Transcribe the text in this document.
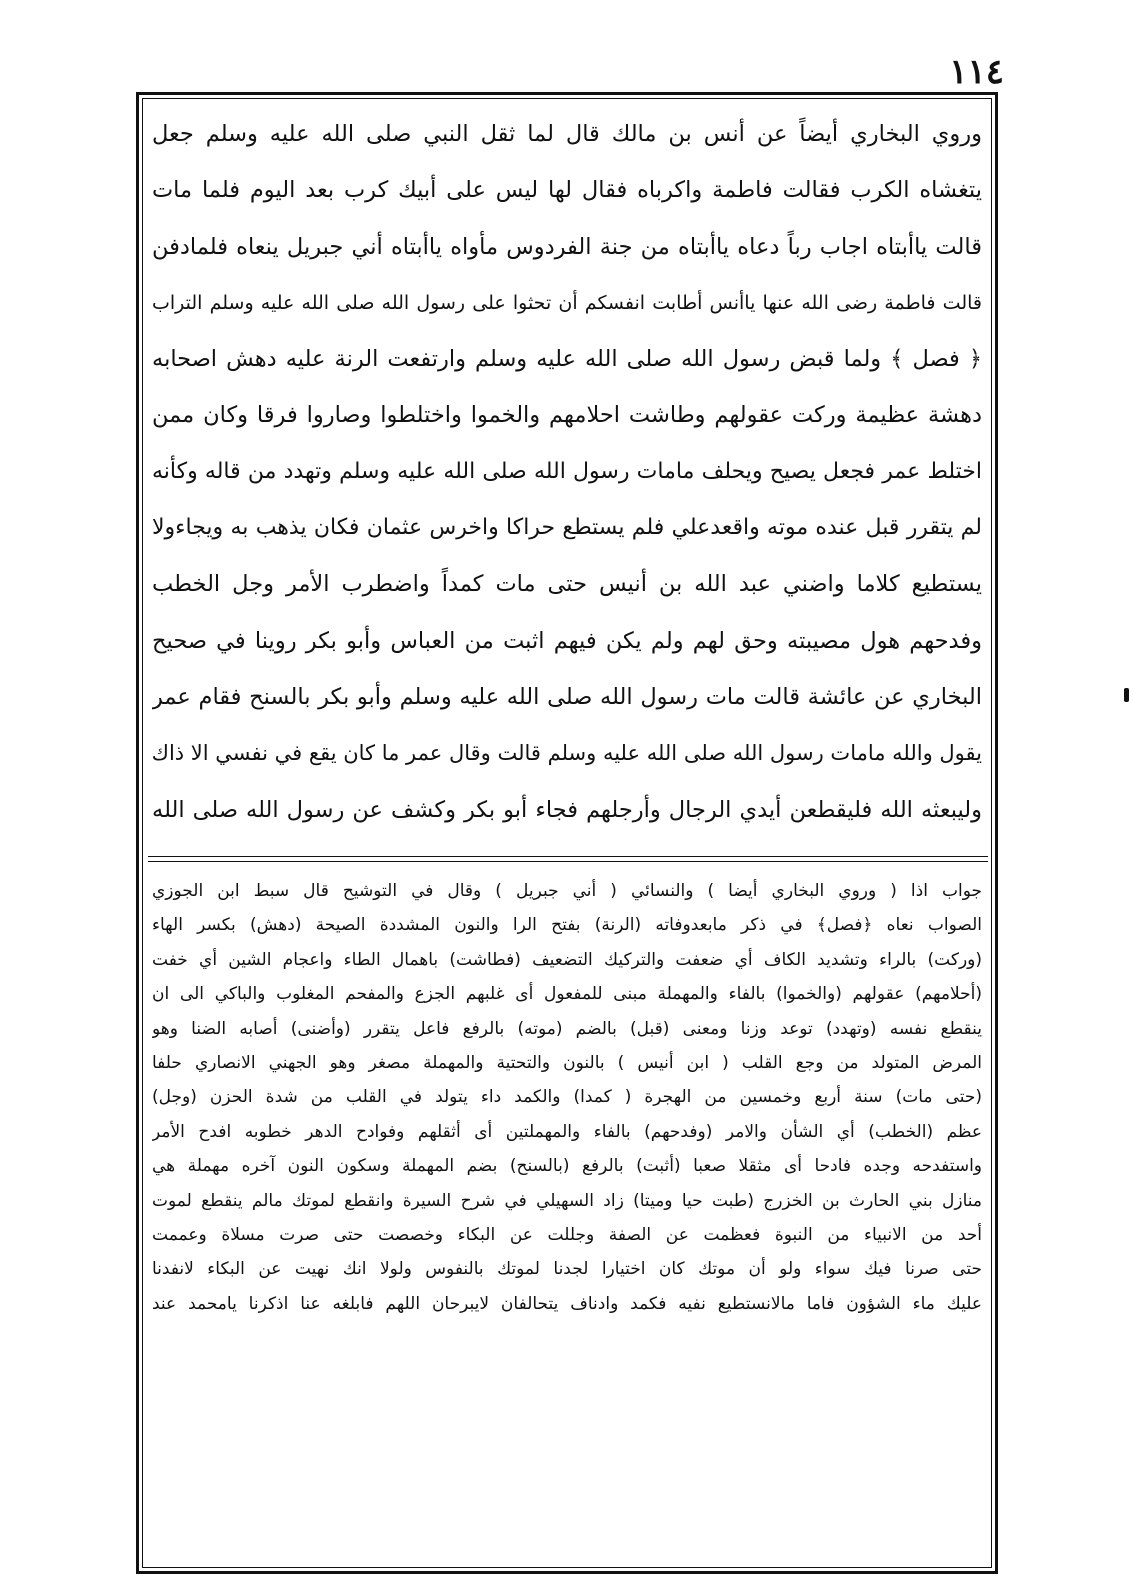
١١٤
وروي البخاري أيضاً عن أنس بن مالك قال لما ثقل النبي صلى الله عليه وسلم جعل
يتغشاه الكرب فقالت فاطمة واكرباه فقال لها ليس على أبيك كرب بعد اليوم فلما مات
قالت ياأبتاه اجاب رباً دعاه ياأبتاه من جنة الفردوس مأواه ياأبتاه أني جبريل ينعاه فلمادفن
قالت فاطمة رضى الله عنها ياأنس أطابت انفسكم أن تحثوا على رسول الله صلى الله عليه وسلم التراب
﴿ فصل ﴾ ولما قبض رسول الله صلى الله عليه وسلم وارتفعت الرنة عليه دهش اصحابه
دهشة عظيمة وركت عقولهم وطاشت احلامهم والخموا واختلطوا وصاروا فرقا وكان ممن
اختلط عمر فجعل يصيح ويحلف مامات رسول الله صلى الله عليه وسلم وتهدد من قاله وكأنه
لم يتقرر قبل عنده موته واقعدعلي فلم يستطع حراكا واخرس عثمان فكان يذهب به ويجاءولا
يستطيع كلاما واضني عبد الله بن أنيس حتى مات كمداً واضطرب الأمر وجل الخطب
وفدحهم هول مصيبته وحق لهم ولم يكن فيهم اثبت من العباس وأبو بكر روينا في صحيح
البخاري عن عائشة قالت مات رسول الله صلى الله عليه وسلم وأبو بكر بالسنح فقام عمر
يقول والله مامات رسول الله صلى الله عليه وسلم قالت وقال عمر ما كان يقع في نفسي الا ذاك
وليبعثه الله فليقطعن أيدي الرجال وأرجلهم فجاء أبو بكر وكشف عن رسول الله صلى الله
جواب اذا ( وروي البخاري أيضا ) والنسائي ( أني جبريل ) وقال في التوشيح قال سبط ابن الجوزي
الصواب نعاه ﴿فصل﴾ في ذكر مابعدوفاته (الرنة) بفتح الرا والنون المشددة الصيحة (دهش) بكسر الهاء
(وركت) بالراء وتشديد الكاف أي ضعفت والتركيك التضعيف (فطاشت) باهمال الطاء واعجام الشين أي خفت
(أحلامهم) عقولهم (والخموا) بالفاء والمهملة مبنى للمفعول أى غلبهم الجزع والمفحم المغلوب والباكي الى ان
ينقطع نفسه (وتهدد) توعد وزنا ومعنى (قبل) بالضم (موته) بالرفع فاعل يتقرر (وأضنى) أصابه الضنا وهو
المرض المتولد من وجع القلب ( ابن أنيس ) بالنون والتحتية والمهملة مصغر وهو الجهني الانصاري حلفا
(حتى مات) سنة أربع وخمسين من الهجرة ( كمدا) والكمد داء يتولد في القلب من شدة الحزن (وجل)
عظم (الخطب) أي الشأن والامر (وفدحهم) بالفاء والمهملتين أى أثقلهم وفوادح الدهر خطوبه افدح الأمر
واستفدحه وجده فادحا أى مثقلا صعبا (أثبت) بالرفع (بالسنح) بضم المهملة وسكون النون آخره مهملة هي
منازل بني الحارث بن الخزرج (طبت حيا وميتا) زاد السهيلي في شرح السيرة وانقطع لموتك مالم ينقطع لموت
أحد من الانبياء من النبوة فعظمت عن الصفة وجللت عن البكاء وخصصت حتى صرت مسلاة وعممت
حتى صرنا فيك سواء ولو أن موتك كان اختيارا لجدنا لموتك بالنفوس ولولا انك نهيت عن البكاء لانفدنا
عليك ماء الشؤون فاما مالانستطيع نفيه فكمد وادناف يتحالفان لايبرحان اللهم فابلغه عنا اذكرنا يامحمد عند
